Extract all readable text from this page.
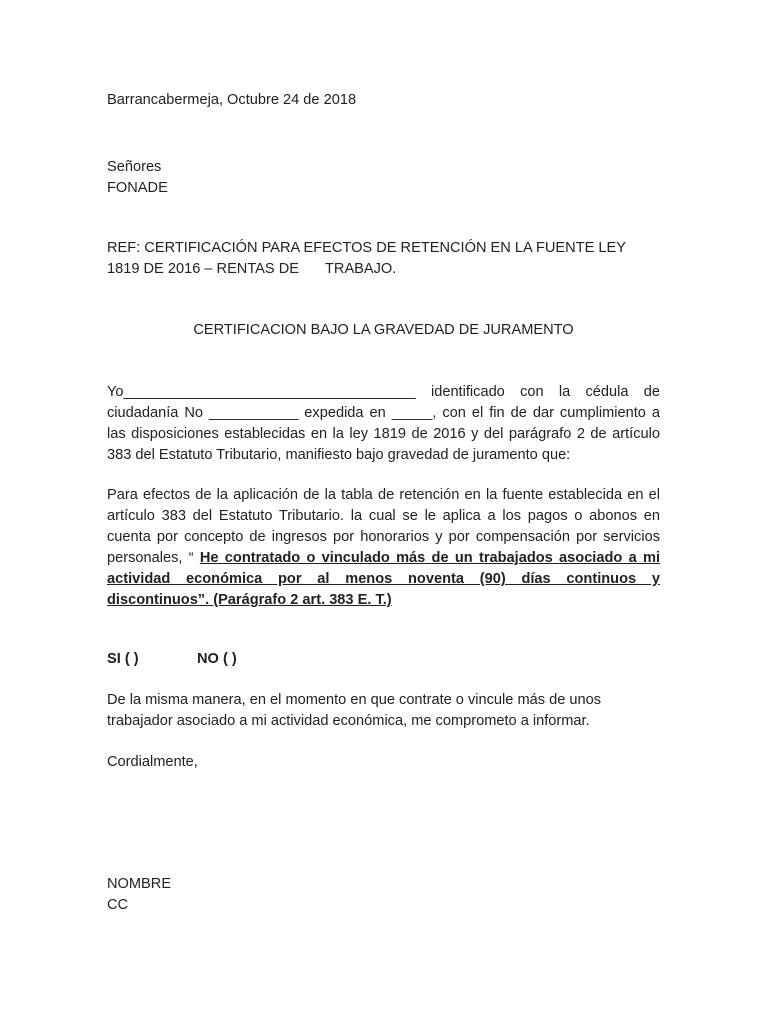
Barrancabermeja, Octubre 24 de 2018

Señores
FONADE
REF: CERTIFICACIÓN PARA EFECTOS DE RETENCIÓN EN LA FUENTE LEY
1819 DE 2016 – RENTAS DE TRABAJO.
CERTIFICACION BAJO LA GRAVEDAD DE JURAMENTO
Yo____________________________________ identificado con la cédula de
ciudadanía No ___________ expedida en _____, con el fin de dar cumplimiento a
las disposiciones establecidas en la ley 1819 de 2016 y del parágrafo 2 de artículo
383 del Estatuto Tributario, manifiesto bajo gravedad de juramento que:
Para efectos de la aplicación de la tabla de retención en la fuente establecida en el
artículo 383 del Estatuto Tributario. la cual se le aplica a los pagos o abonos en
cuenta por concepto de ingresos por honorarios y por compensación por servicios
personales, “ He contratado o vinculado más de un trabajados asociado a mi
actividad económica por al menos noventa (90) días continuos y
discontinuos”. (Parágrafo 2 art. 383 E. T.)
SI ( )	NO ( )
De la misma manera, en el momento en que contrate o vincule más de unos
trabajador asociado a mi actividad económica, me comprometo a informar.
Cordialmente,
NOMBRE
CC
